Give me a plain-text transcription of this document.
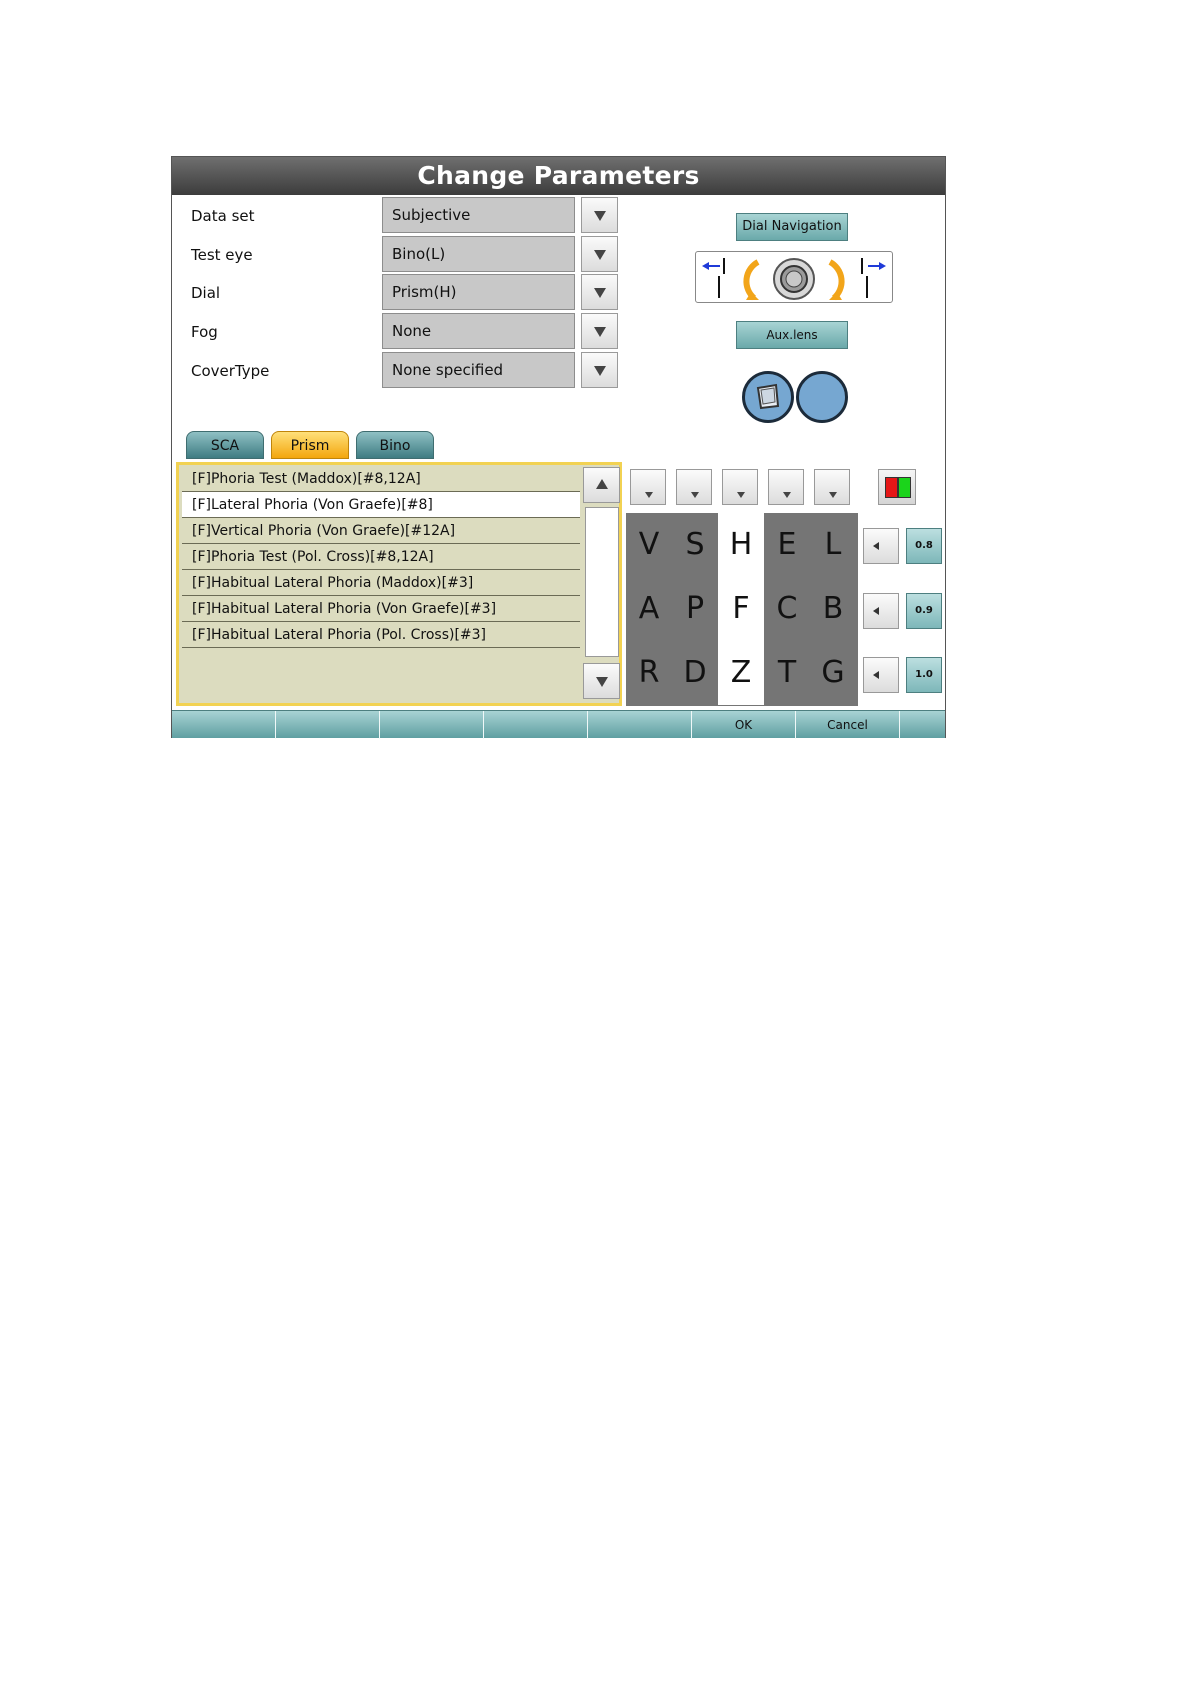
Change Parameters
Data set	Subjective
Test eye	Bino(L)
Dial	Prism(H)
Fog	None
CoverType	None specified
Dial Navigation
Aux.lens
SCA	Prism	Bino
[F]Phoria Test (Maddox)[#8,12A]
[F]Lateral Phoria (Von Graefe)[#8]
[F]Vertical Phoria (Von Graefe)[#12A]
[F]Phoria Test (Pol. Cross)[#8,12A]
[F]Habitual Lateral Phoria (Maddox)[#3]
[F]Habitual Lateral Phoria (Von Graefe)[#3]
[F]Habitual Lateral Phoria (Pol. Cross)[#3]
V S H E L
A P F C B
R D Z T G
0.8
0.9
1.0
OK	Cancel
